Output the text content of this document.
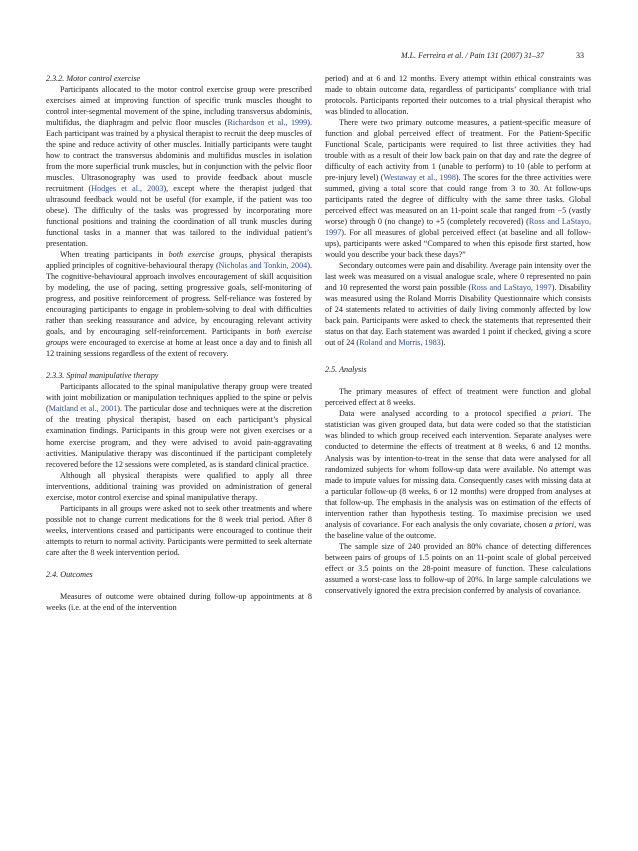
M.L. Ferreira et al. / Pain 131 (2007) 31–37	33

2.3.2. Motor control exercise

Participants allocated to the motor control exercise group were prescribed exercises aimed at improving function of specific trunk muscles thought to control inter-segmental movement of the spine, including transversus abdominis, multifidus, the diaphragm and pelvic floor muscles (Richardson et al., 1999). Each participant was trained by a physical therapist to recruit the deep muscles of the spine and reduce activity of other muscles. Initially participants were taught how to contract the transversus abdominis and multifidus muscles in isolation from the more superficial trunk muscles, but in conjunction with the pelvic floor muscles. Ultrasonography was used to provide feedback about muscle recruitment (Hodges et al., 2003), except where the therapist judged that ultrasound feedback would not be useful (for example, if the patient was too obese). The difficulty of the tasks was progressed by incorporating more functional positions and training the coordination of all trunk muscles during functional tasks in a manner that was tailored to the individual patient’s presentation.

When treating participants in both exercise groups, physical therapists applied principles of cognitive-behavioural therapy (Nicholas and Tonkin, 2004). The cognitive-behavioural approach involves encouragement of skill acquisition by modeling, the use of pacing, setting progressive goals, self-monitoring of progress, and positive reinforcement of progress. Self-reliance was fostered by encouraging participants to engage in problem-solving to deal with difficulties rather than seeking reassurance and advice, by encouraging relevant activity goals, and by encouraging self-reinforcement. Participants in both exercise groups were encouraged to exercise at home at least once a day and to finish all 12 training sessions regardless of the extent of recovery.

2.3.3. Spinal manipulative therapy

Participants allocated to the spinal manipulative therapy group were treated with joint mobilization or manipulation techniques applied to the spine or pelvis (Maitland et al., 2001). The particular dose and techniques were at the discretion of the treating physical therapist, based on each participant’s physical examination findings. Participants in this group were not given exercises or a home exercise program, and they were advised to avoid pain-aggravating activities. Manipulative therapy was discontinued if the participant completely recovered before the 12 sessions were completed, as is standard clinical practice.

Although all physical therapists were qualified to apply all three interventions, additional training was provided on administration of general exercise, motor control exercise and spinal manipulative therapy.

Participants in all groups were asked not to seek other treatments and where possible not to change current medications for the 8 week trial period. After 8 weeks, interventions ceased and participants were encouraged to continue their attempts to return to normal activity. Participants were permitted to seek alternate care after the 8 week intervention period.

2.4. Outcomes

Measures of outcome were obtained during follow-up appointments at 8 weeks (i.e. at the end of the intervention

period) and at 6 and 12 months. Every attempt within ethical constraints was made to obtain outcome data, regardless of participants’ compliance with trial protocols. Participants reported their outcomes to a trial physical therapist who was blinded to allocation.

There were two primary outcome measures, a patient-specific measure of function and global perceived effect of treatment. For the Patient-Specific Functional Scale, participants were required to list three activities they had trouble with as a result of their low back pain on that day and rate the degree of difficulty of each activity from 1 (unable to perform) to 10 (able to perform at pre-injury level) (Westaway et al., 1998). The scores for the three activities were summed, giving a total score that could range from 3 to 30. At follow-ups participants rated the degree of difficulty with the same three tasks. Global perceived effect was measured on an 11-point scale that ranged from −5 (vastly worse) through 0 (no change) to +5 (completely recovered) (Ross and LaStayo, 1997). For all measures of global perceived effect (at baseline and all follow-ups), participants were asked “Compared to when this episode first started, how would you describe your back these days?”

Secondary outcomes were pain and disability. Average pain intensity over the last week was measured on a visual analogue scale, where 0 represented no pain and 10 represented the worst pain possible (Ross and LaStayo, 1997). Disability was measured using the Roland Morris Disability Questionnaire which consists of 24 statements related to activities of daily living commonly affected by low back pain. Participants were asked to check the statements that represented their status on that day. Each statement was awarded 1 point if checked, giving a score out of 24 (Roland and Morris, 1983).

2.5. Analysis

The primary measures of effect of treatment were function and global perceived effect at 8 weeks.

Data were analysed according to a protocol specified a priori. The statistician was given grouped data, but data were coded so that the statistician was blinded to which group received each intervention. Separate analyses were conducted to determine the effects of treatment at 8 weeks, 6 and 12 months. Analysis was by intention-to-treat in the sense that data were analysed for all randomized subjects for whom follow-up data were available. No attempt was made to impute values for missing data. Consequently cases with missing data at a particular follow-up (8 weeks, 6 or 12 months) were dropped from analyses at that follow-up. The emphasis in the analysis was on estimation of the effects of intervention rather than hypothesis testing. To maximise precision we used analysis of covariance. For each analysis the only covariate, chosen a priori, was the baseline value of the outcome.

The sample size of 240 provided an 80% chance of detecting differences between pairs of groups of 1.5 points on an 11-point scale of global perceived effect or 3.5 points on the 28-point measure of function. These calculations assumed a worst-case loss to follow-up of 20%. In large sample calculations we conservatively ignored the extra precision conferred by analysis of covariance.
